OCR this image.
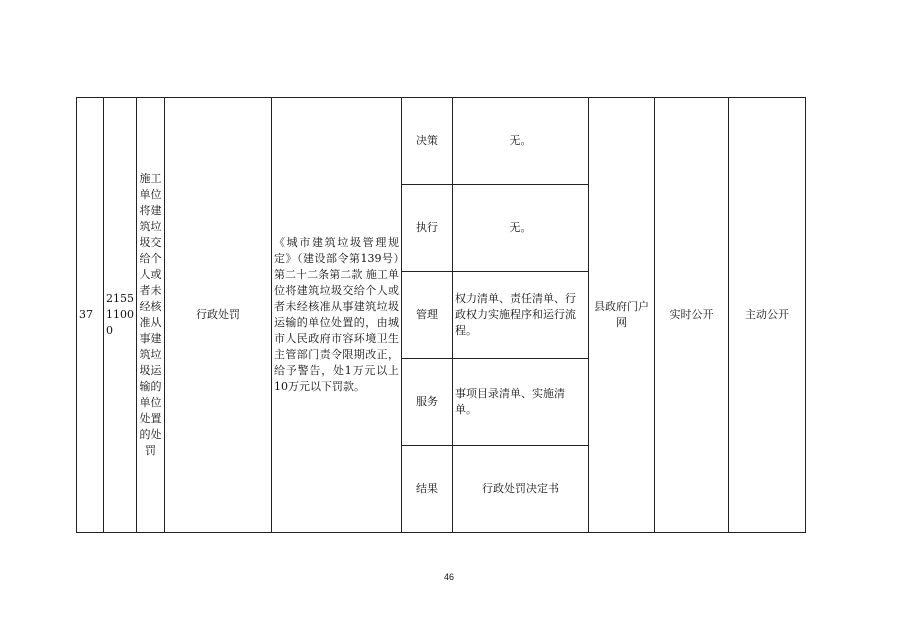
37	215511000	施工单位将建筑垃圾交给个人或者未经核准从事建筑垃圾运输的单位处置的处罚	行政处罚	《城市建筑垃圾管理规定》（建设部令第139号）第二十二条第二款 施工单位将建筑垃圾交给个人或者未经核准从事建筑垃圾运输的单位处置的，由城市人民政府市容环境卫生主管部门责令限期改正，给予警告，处1万元以上10万元以下罚款。	决策	无。	县政府门户网	实时公开	主动公开
					执行	无。			
					管理	权力清单、责任清单、行政权力实施程序和运行流程。			
					服务	事项目录清单、实施清单。			
					结果	行政处罚决定书			
46
